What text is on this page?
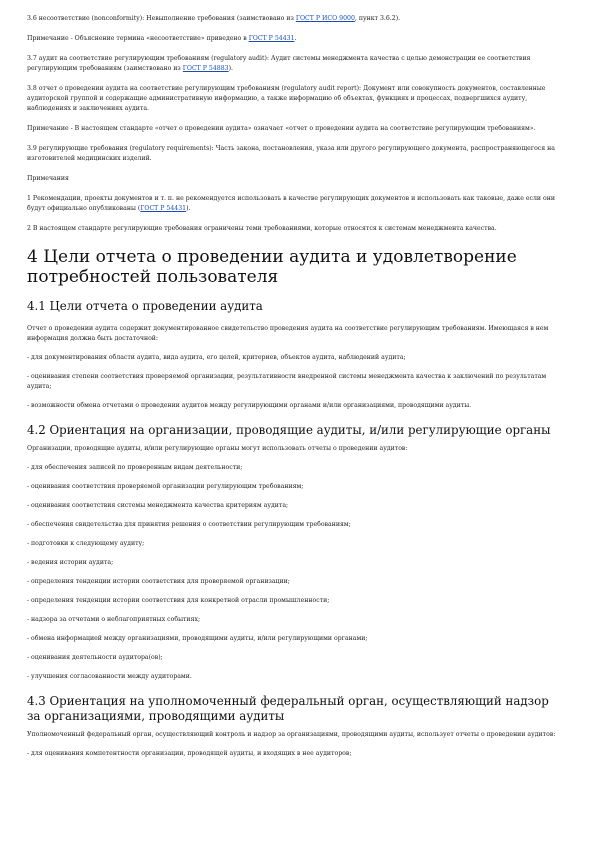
3.6 несоответствие (nonconformity): Невыполнение требования (заимствовано из ГОСТ Р ИСО 9000, пункт 3.6.2).

Примечание - Объяснение термина «несоответствие» приведено в ГОСТ Р 54431.

3.7 аудит на соответствие регулирующим требованиям (regulatory audit): Аудит системы менеджмента качества с целью демонстрации ее соответствия регулирующим требованиям (заимствовано из ГОСТ Р 54883).

3.8 отчет о проведении аудита на соответствие регулирующим требованиям (regulatory audit report): Документ или совокупность документов, составленные аудиторской группой и содержащие административную информацию, а также информацию об объектах, функциях и процессах, подвергшихся аудиту, наблюдениях и заключениях аудита.

Примечание - В настоящем стандарте «отчет о проведении аудита» означает «отчет о проведении аудита на соответствие регулирующим требованиям».

3.9 регулирующие требования (regulatory requirements): Часть закона, постановления, указа или другого регулирующего документа, распространяющегося на изготовителей медицинских изделий.

Примечания

1 Рекомендации, проекты документов и т. п. не рекомендуется использовать в качестве регулирующих документов и использовать как таковые, даже если они будут официально опубликованы (ГОСТ Р 54431).

2 В настоящем стандарте регулирующие требования ограничены теми требованиями, которые относятся к системам менеджмента качества.

4 Цели отчета о проведении аудита и удовлетворение потребностей пользователя
4.1 Цели отчета о проведении аудита

Отчет о проведении аудита содержит документированное свидетельство проведения аудита на соответствие регулирующим требованиям. Имеющаяся в нем информация должна быть достаточной:

- для документирования области аудита, вида аудита, его целей, критериев, объектов аудита, наблюдений аудита;

- оценивания степени соответствия проверяемой организации, результативности внедренной системы менеджмента качества к заключений по результатам аудита;

- возможности обмена отчетами о проведении аудитов между регулирующими органами и/или организациями, проводящими аудиты.

4.2 Ориентация на организации, проводящие аудиты, и/или регулирующие органы

Организации, проводящие аудиты, и/или регулирующие органы могут использовать отчеты о проведении аудитов:

- для обеспечения записей по проверенным видам деятельности;

- оценивания соответствия проверяемой организации регулирующим требованиям;

- оценивания соответствия системы менеджмента качества критериям аудита;

- обеспечения свидетельства для принятия решения о соответствии регулирующим требованиям;

- подготовки к следующему аудиту;

- ведения истории аудита;

- определения тенденции истории соответствия для проверяемой организации;

- определения тенденции истории соответствия для конкретной отрасли промышленности;

- надзора за отчетами о неблагоприятных событиях;

- обмена информацией между организациями, проводящими аудиты, и/или регулирующими органами;

- оценивания деятельности аудитора(ов);

- улучшения согласованности между аудиторами.

4.3 Ориентация на уполномоченный федеральный орган, осуществляющий надзор за организациями, проводящими аудиты

Уполномоченный федеральный орган, осуществляющий контроль и надзор за организациями, проводящими аудиты, использует отчеты о проведении аудитов:

- для оценивания компетентности организации, проводящей аудиты, и входящих в нее аудиторов;
